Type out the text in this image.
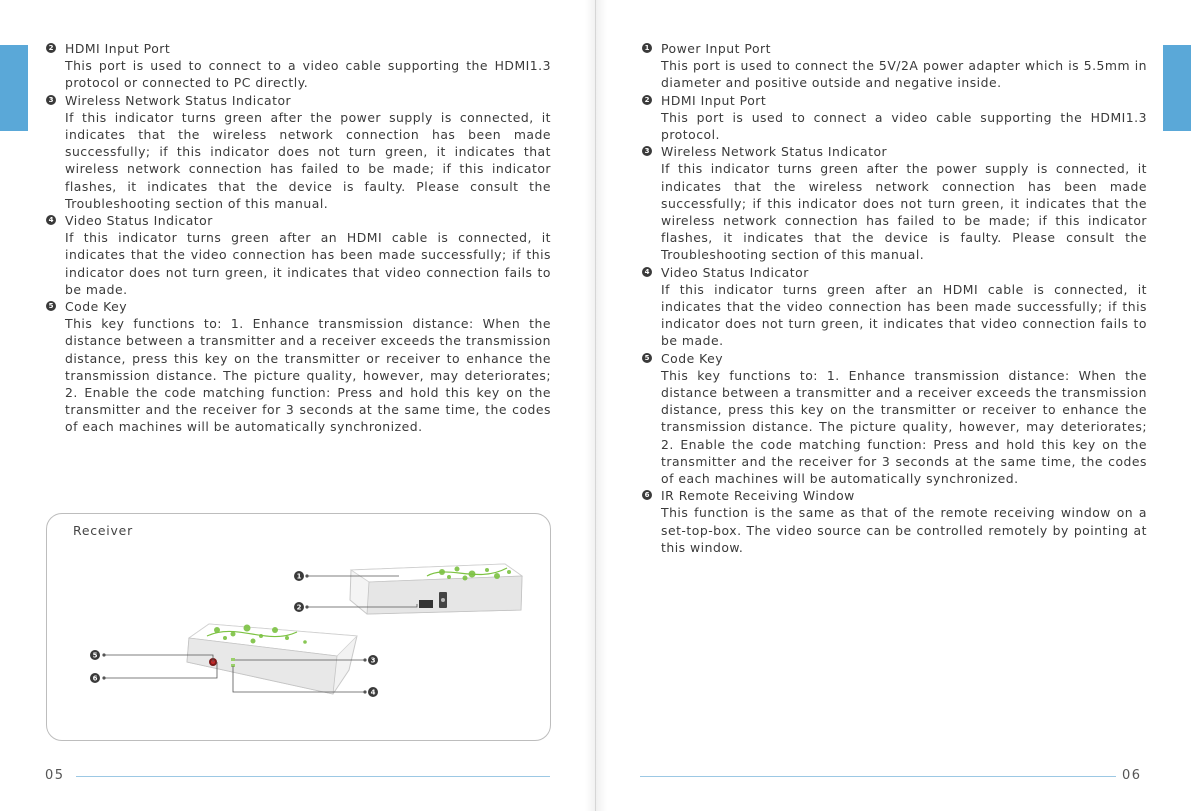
2 HDMI Input Port

This port is used to connect to a video cable supporting the HDMI1.3 protocol or connected to PC directly.

3 Wireless Network Status Indicator

If this indicator turns green after the power supply is connected, it indicates that the wireless network connection has been made successfully; if this indicator does not turn green, it indicates that wireless network connection has failed to be made; if this indicator flashes, it indicates that the device is faulty. Please consult the Troubleshooting section of this manual.

4 Video Status Indicator

If this indicator turns green after an HDMI cable is connected, it indicates that the video connection has been made successfully; if this indicator does not turn green, it indicates that video connection fails to be made.

5 Code Key

This key functions to: 1. Enhance transmission distance: When the distance between a transmitter and a receiver exceeds the transmission distance, press this key on the transmitter or receiver to enhance the transmission distance. The picture quality, however, may deteriorates; 2. Enable the code matching function: Press and hold this key on the transmitter and the receiver for 3 seconds at the same time, the codes of each machines will be automatically synchronized.

Receiver
1
2
3
4
5
6
1 Power Input Port

This port is used to connect the 5V/2A power adapter which is 5.5mm in diameter and positive outside and negative inside.

2 HDMI Input Port

This port is used to connect a video cable supporting the HDMI1.3 protocol.

3 Wireless Network Status Indicator

If this indicator turns green after the power supply is connected, it indicates that the wireless network connection has been made successfully; if this indicator does not turn green, it indicates that the wireless network connection has failed to be made; if this indicator flashes, it indicates that the device is faulty. Please consult the Troubleshooting section of this manual.

4 Video Status Indicator

If this indicator turns green after an HDMI cable is connected, it indicates that the video connection has been made successfully; if this indicator does not turn green, it indicates that video connection fails to be made.

5 Code Key

This key functions to: 1. Enhance transmission distance: When the distance between a transmitter and a receiver exceeds the transmission distance, press this key on the transmitter or receiver to enhance the transmission distance. The picture quality, however, may deteriorates; 2. Enable the code matching function: Press and hold this key on the transmitter and the receiver for 3 seconds at the same time, the codes of each machines will be automatically synchronized.

6 IR Remote Receiving Window

This function is the same as that of the remote receiving window on a set-top-box. The video source can be controlled remotely by pointing at this window.

05	06
